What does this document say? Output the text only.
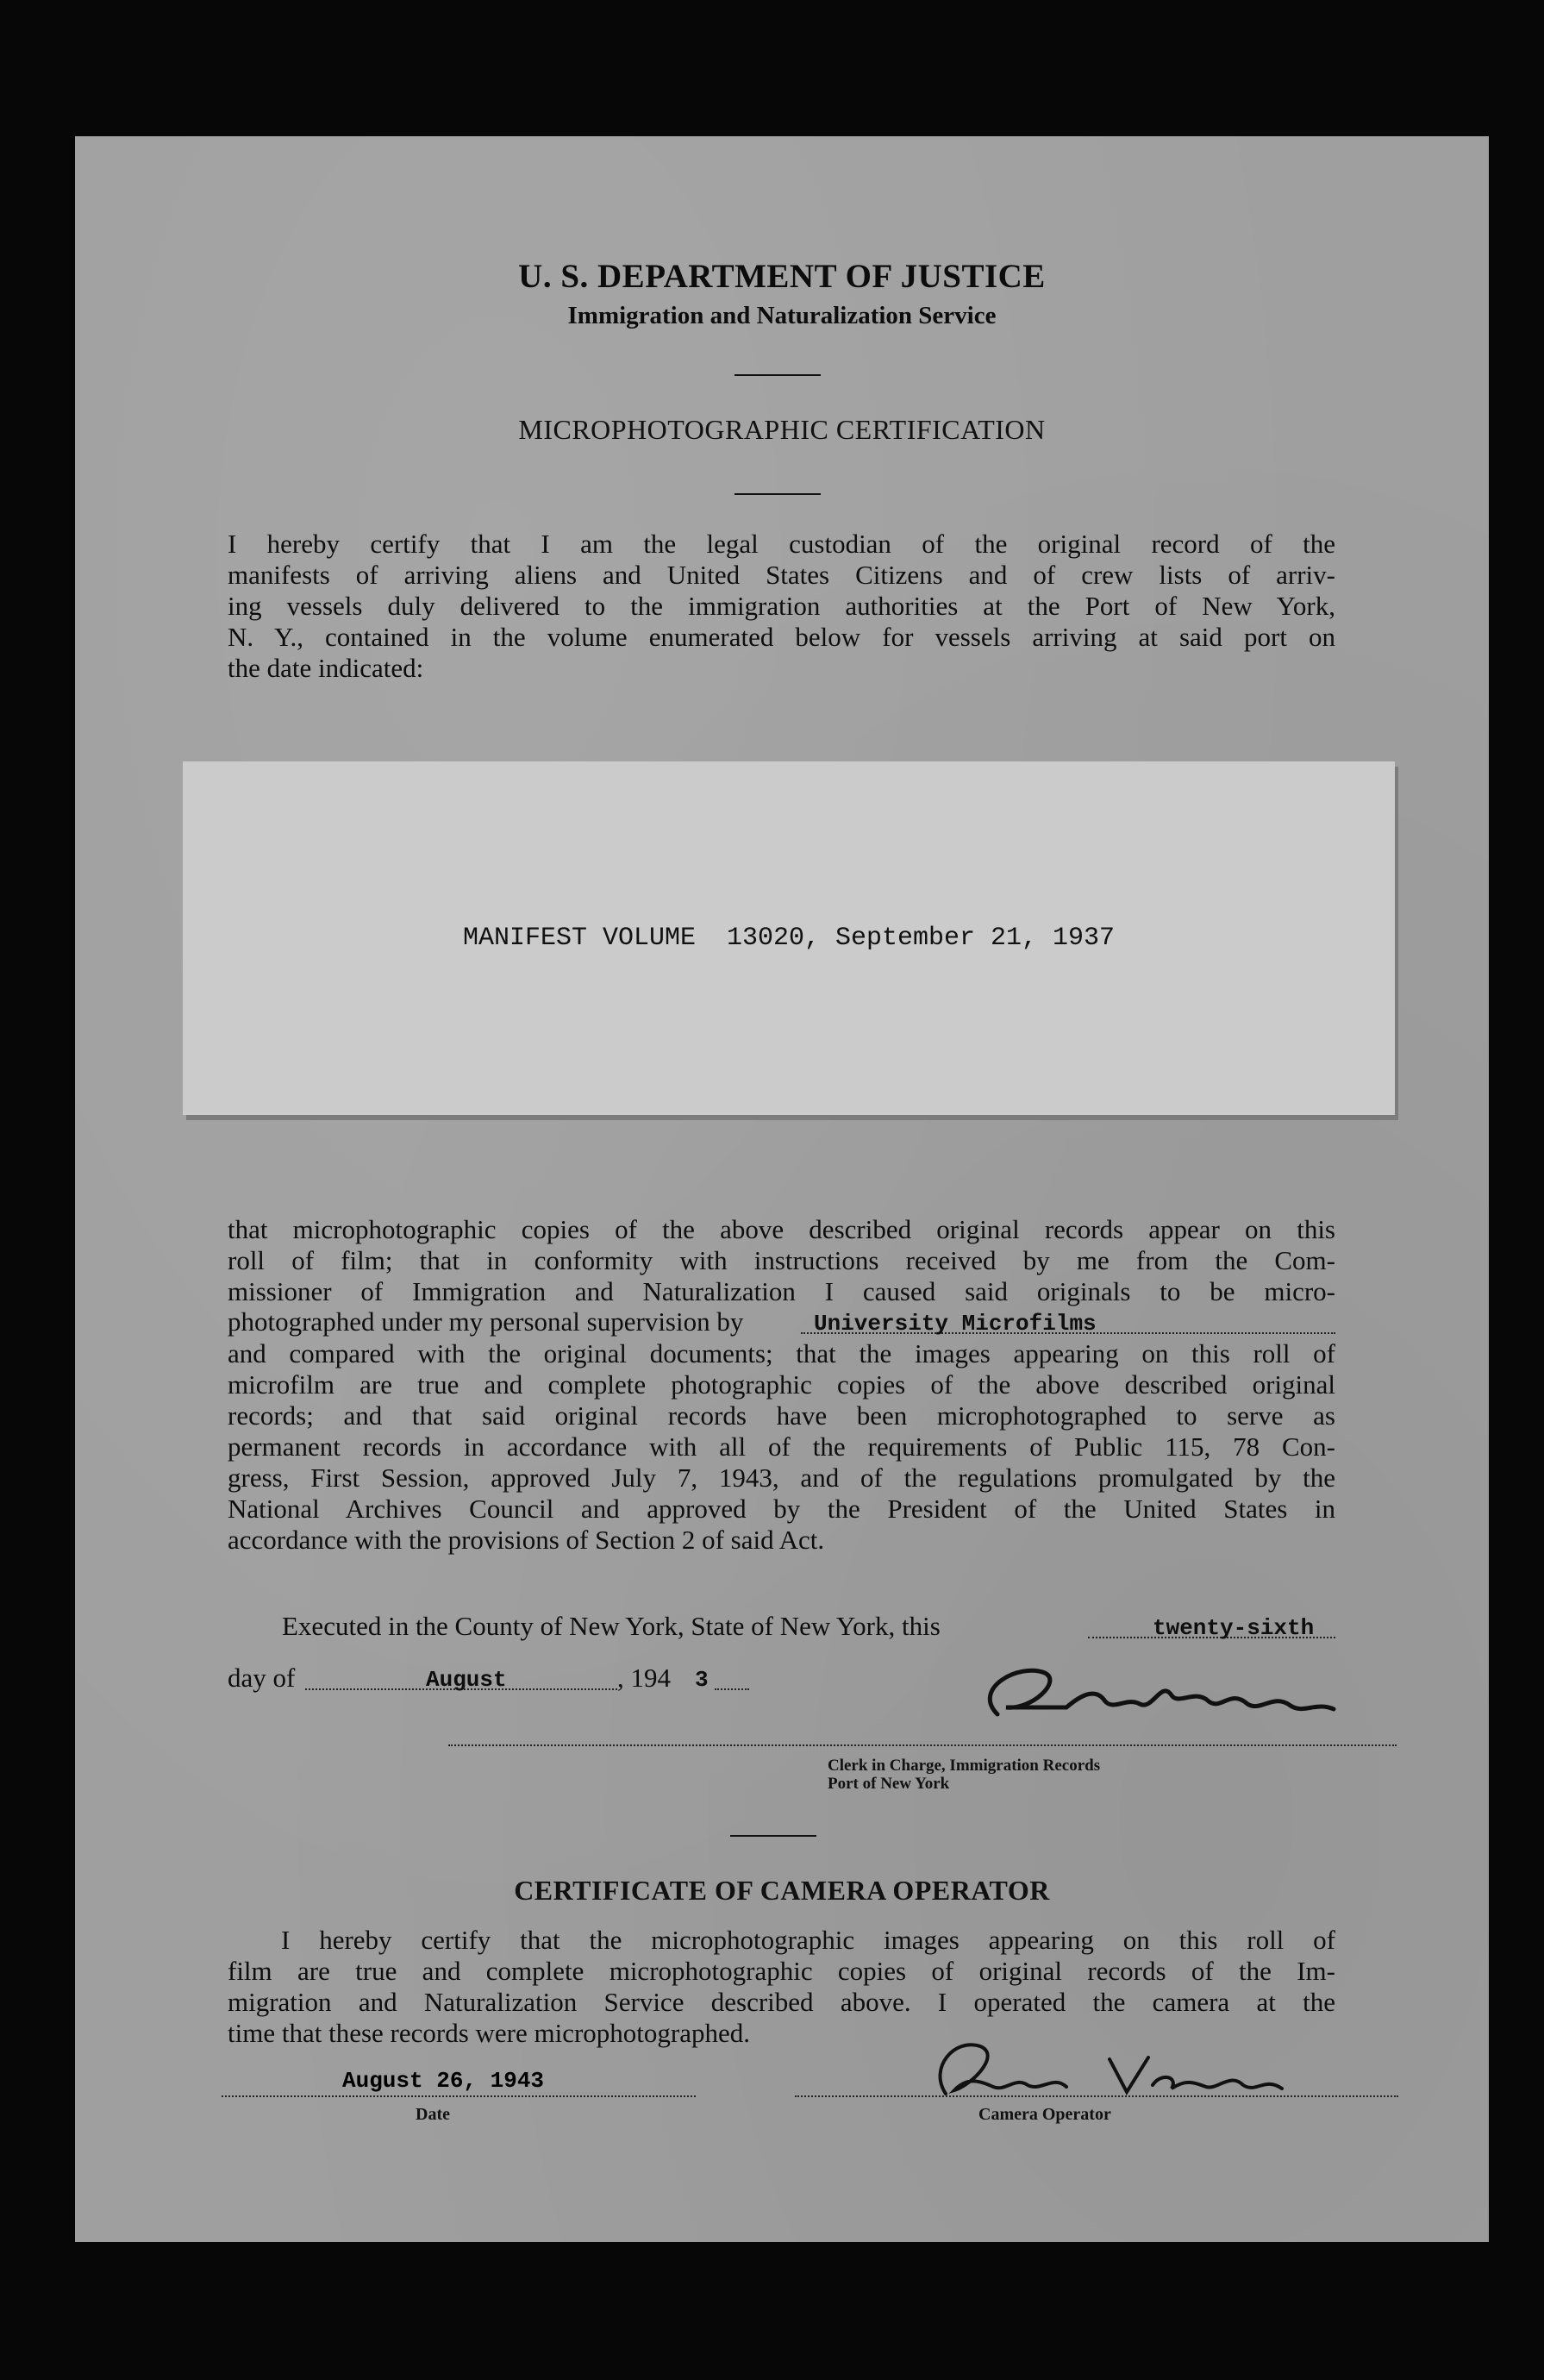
U. S. DEPARTMENT OF JUSTICE
Immigration and Naturalization Service
MICROPHOTOGRAPHIC CERTIFICATION
I hereby certify that I am the legal custodian of the original record of the
manifests of arriving aliens and United States Citizens and of crew lists of arriv-
ing vessels duly delivered to the immigration authorities at the Port of New York,
N. Y., contained in the volume enumerated below for vessels arriving at said port on
the date indicated:
MANIFEST VOLUME  13020, September 21, 1937
that microphotographic copies of the above described original records appear on this
roll of film; that in conformity with instructions received by me from the Com-
missioner of Immigration and Naturalization I caused said originals to be micro-
photographed under my personal supervision by	University Microfilms
and compared with the original documents; that the images appearing on this roll of
microfilm are true and complete photographic copies of the above described original
records; and that said original records have been microphotographed to serve as
permanent records in accordance with all of the requirements of Public 115, 78 Con-
gress, First Session, approved July 7, 1943, and of the regulations promulgated by the
National Archives Council and approved by the President of the United States in
accordance with the provisions of Section 2 of said Act.
Executed in the County of New York, State of New York, this	twenty-sixth
day of	August	, 194 3
Clerk in Charge, Immigration Records
Port of New York
CERTIFICATE OF CAMERA OPERATOR
I hereby certify that the microphotographic images appearing on this roll of
film are true and complete microphotographic copies of original records of the Im-
migration and Naturalization Service described above. I operated the camera at the
time that these records were microphotographed.
August 26, 1943
Date	Camera Operator
